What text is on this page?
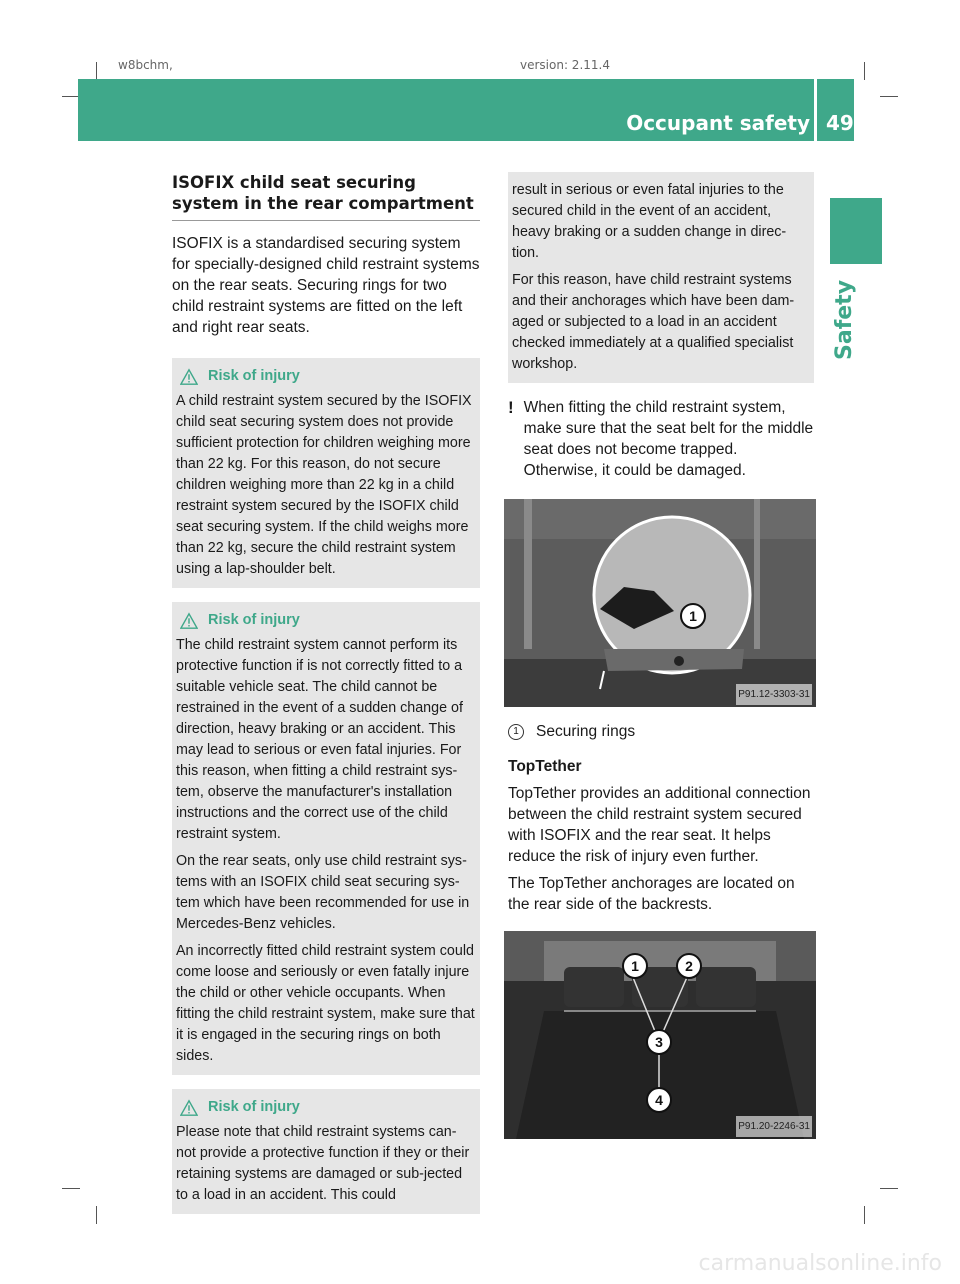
w8bchm,	version: 2.11.4
Occupant safety 49
Safety
ISOFIX child seat securing system in the rear compartment

ISOFIX is a standardised securing system for specially-designed child restraint systems on the rear seats. Securing rings for two child restraint systems are fitted on the left and right rear seats.

Risk of injury

A child restraint system secured by the ISOFIX child seat securing system does not provide sufficient protection for children weighing more than 22 kg. For this reason, do not secure children weighing more than 22 kg in a child restraint system secured by the ISOFIX child seat securing system. If the child weighs more than 22 kg, secure the child restraint system using a lap-shoulder belt.

Risk of injury

The child restraint system cannot perform its protective function if is not correctly fitted to a suitable vehicle seat. The child cannot be restrained in the event of a sudden change of direction, heavy braking or an accident. This may lead to serious or even fatal injuries. For this reason, when fitting a child restraint sys-tem, observe the manufacturer's installation instructions and the correct use of the child restraint system.

On the rear seats, only use child restraint sys-tems with an ISOFIX child seat securing sys-tem which have been recommended for use in Mercedes-Benz vehicles.

An incorrectly fitted child restraint system could come loose and seriously or even fatally injure the child or other vehicle occupants. When fitting the child restraint system, make sure that it is engaged in the securing rings on both sides.

Risk of injury

Please note that child restraint systems can-not provide a protective function if they or their retaining systems are damaged or sub-jected to a load in an accident. This could

result in serious or even fatal injuries to the secured child in the event of an accident, heavy braking or a sudden change in direc-tion.

For this reason, have child restraint systems and their anchorages which have been dam-aged or subjected to a load in an accident checked immediately at a qualified specialist workshop.

! When fitting the child restraint system, make sure that the seat belt for the middle seat does not become trapped. Otherwise, it could be damaged.
1
P91.12-3303-31
1	Securing rings

TopTether

TopTether provides an additional connection between the child restraint system secured with ISOFIX and the rear seat. It helps reduce the risk of injury even further.

The TopTether anchorages are located on the rear side of the backrests.

1	2
3
4
P91.20-2246-31
carmanualsonline.info
